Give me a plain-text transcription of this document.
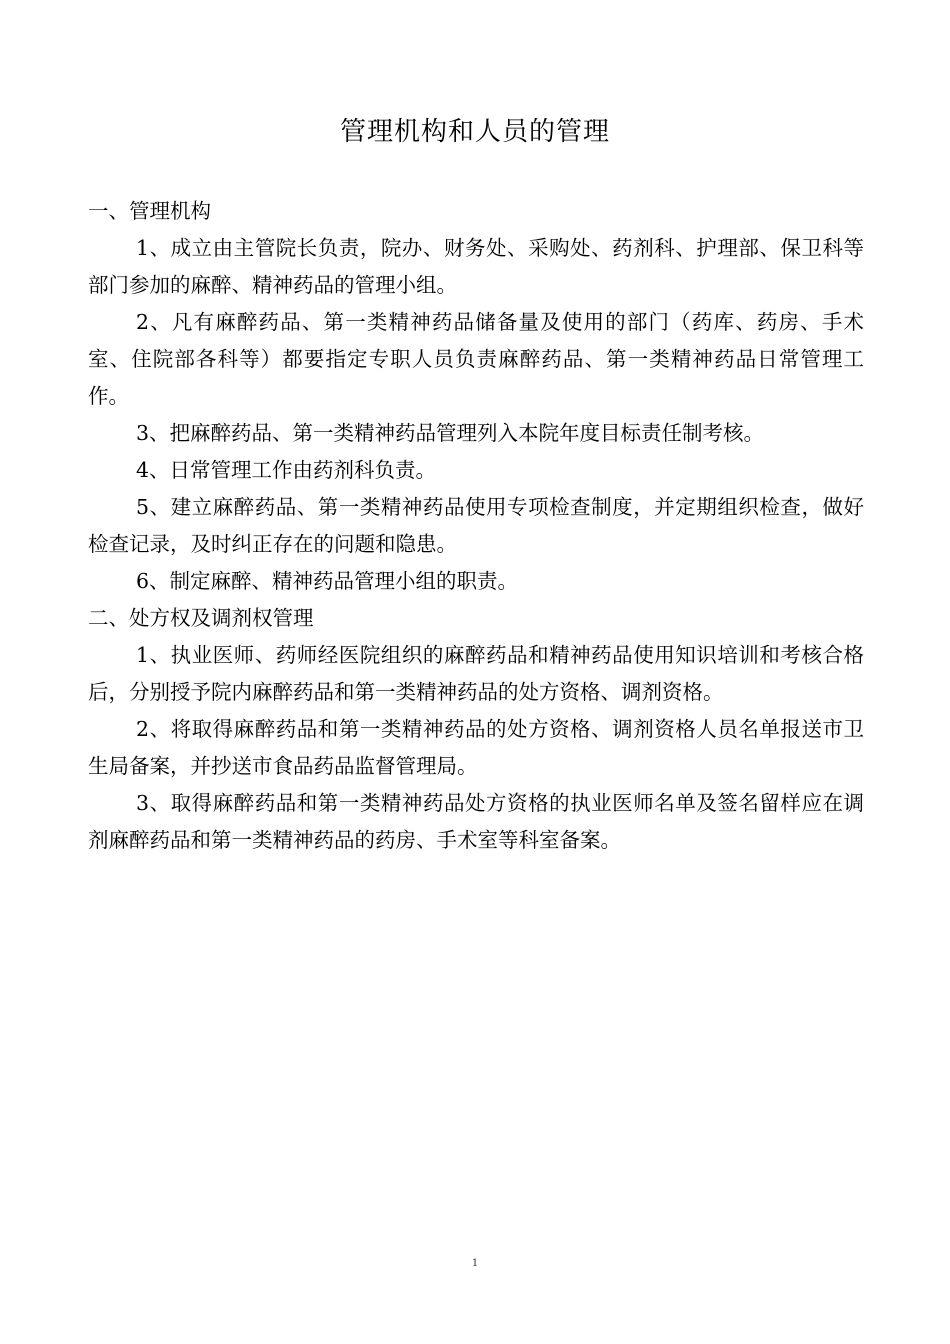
管理机构和人员的管理

一、管理机构

1、成立由主管院长负责，院办、财务处、采购处、药剂科、护理部、保卫科等部门参加的麻醉、精神药品的管理小组。

2、凡有麻醉药品、第一类精神药品储备量及使用的部门（药库、药房、手术室、住院部各科等）都要指定专职人员负责麻醉药品、第一类精神药品日常管理工作。

3、把麻醉药品、第一类精神药品管理列入本院年度目标责任制考核。

4、日常管理工作由药剂科负责。

5、建立麻醉药品、第一类精神药品使用专项检查制度，并定期组织检查，做好检查记录，及时纠正存在的问题和隐患。

6、制定麻醉、精神药品管理小组的职责。

二、处方权及调剂权管理

1、执业医师、药师经医院组织的麻醉药品和精神药品使用知识培训和考核合格后，分别授予院内麻醉药品和第一类精神药品的处方资格、调剂资格。

2、将取得麻醉药品和第一类精神药品的处方资格、调剂资格人员名单报送市卫生局备案，并抄送市食品药品监督管理局。

3、取得麻醉药品和第一类精神药品处方资格的执业医师名单及签名留样应在调剂麻醉药品和第一类精神药品的药房、手术室等科室备案。

1
